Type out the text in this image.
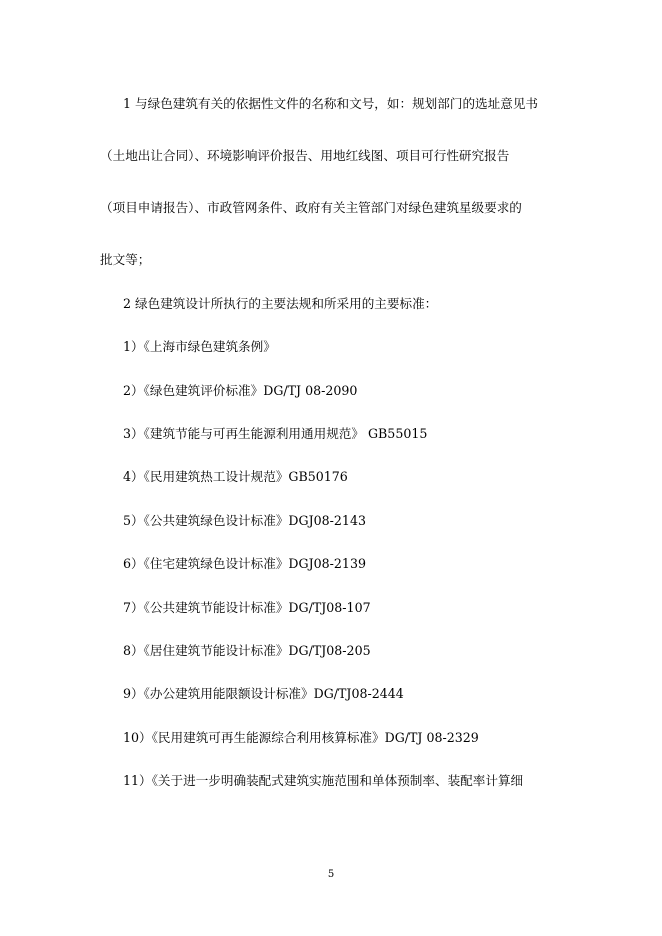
1 与绿色建筑有关的依据性文件的名称和文号，如：规划部门的选址意见书

（土地出让合同）、环境影响评价报告、用地红线图、项目可行性研究报告

（项目申请报告）、市政管网条件、政府有关主管部门对绿色建筑星级要求的

批文等；

2 绿色建筑设计所执行的主要法规和所采用的主要标准：

1）《上海市绿色建筑条例》

2）《绿色建筑评价标准》DG/TJ 08-2090

3）《建筑节能与可再生能源利用通用规范》 GB55015

4）《民用建筑热工设计规范》GB50176

5）《公共建筑绿色设计标准》DGJ08-2143

6）《住宅建筑绿色设计标准》DGJ08-2139

7）《公共建筑节能设计标准》DG/TJ08-107

8）《居住建筑节能设计标准》DG/TJ08-205

9）《办公建筑用能限额设计标准》DG/TJ08-2444

10）《民用建筑可再生能源综合利用核算标准》DG/TJ 08-2329

11）《关于进一步明确装配式建筑实施范围和单体预制率、装配率计算细

5
